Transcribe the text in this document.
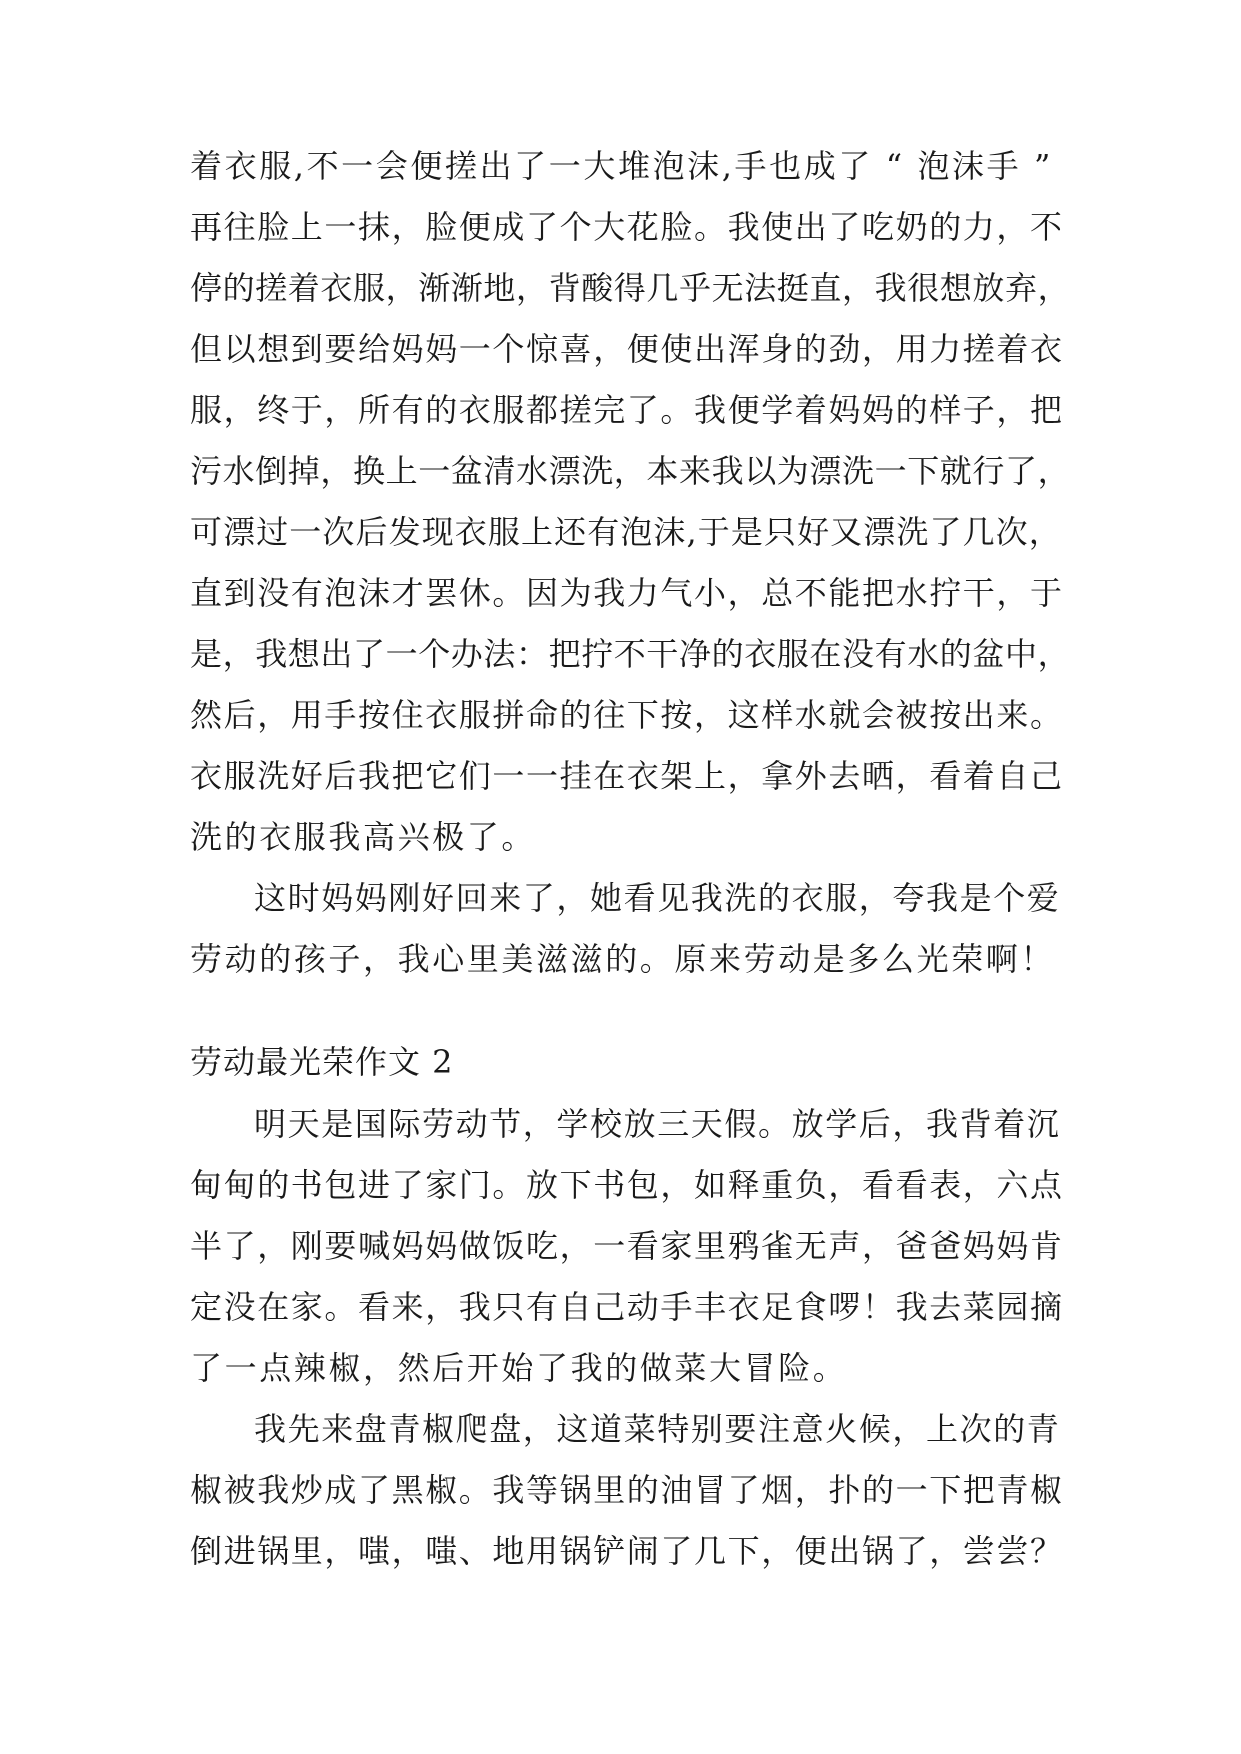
着衣服,不一会便搓出了一大堆泡沫,手也成了 “ 泡沫手 ”
再往脸上一抹，脸便成了个大花脸。我使出了吃奶的力，不
停的搓着衣服，渐渐地，背酸得几乎无法挺直，我很想放弃，
但以想到要给妈妈一个惊喜，便使出浑身的劲，用力搓着衣
服，终于，所有的衣服都搓完了。我便学着妈妈的样子，把
污水倒掉，换上一盆清水漂洗，本来我以为漂洗一下就行了，
可漂过一次后发现衣服上还有泡沫,于是只好又漂洗了几次，
直到没有泡沫才罢休。因为我力气小，总不能把水拧干，于
是，我想出了一个办法：把拧不干净的衣服在没有水的盆中，
然后，用手按住衣服拼命的往下按，这样水就会被按出来。
衣服洗好后我把它们一一挂在衣架上，拿外去晒，看着自己
洗的衣服我高兴极了。
这时妈妈刚好回来了，她看见我洗的衣服，夸我是个爱
劳动的孩子，我心里美滋滋的。原来劳动是多么光荣啊！
劳动最光荣作文 2
明天是国际劳动节，学校放三天假。放学后，我背着沉
甸甸的书包进了家门。放下书包，如释重负，看看表，六点
半了，刚要喊妈妈做饭吃，一看家里鸦雀无声，爸爸妈妈肯
定没在家。看来，我只有自己动手丰衣足食啰！我去菜园摘
了一点辣椒，然后开始了我的做菜大冒险。
我先来盘青椒爬盘，这道菜特别要注意火候，上次的青
椒被我炒成了黑椒。我等锅里的油冒了烟，扑的一下把青椒
倒进锅里，嗤，嗤、地用锅铲闹了几下，便出锅了，尝尝？
